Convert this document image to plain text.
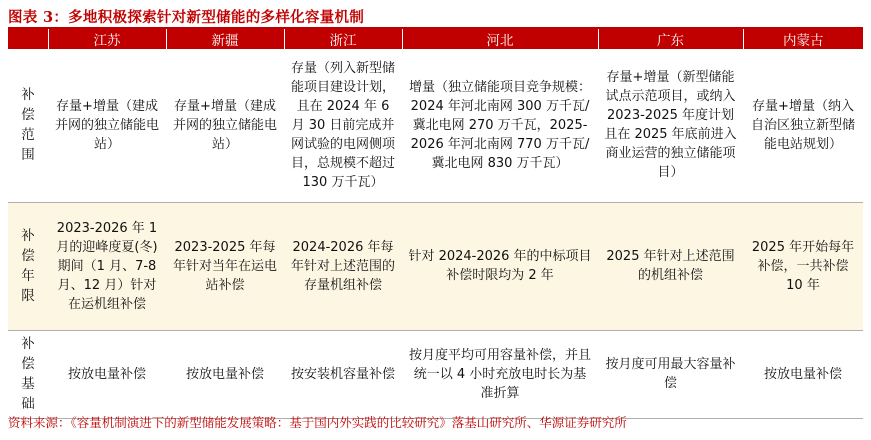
图表 3：多地积极探索针对新型储能的多样化容量机制
	江苏	新疆	浙江	河北	广东	内蒙古

补
偿
范
围	存量+增量（建成并网的独立储能电站）	存量+增量（建成并网的独立储能电站）	存量（列入新型储能项目建设计划，且在 2024 年 6 月 30 日前完成并网试验的电网侧项目，总规模不超过 130 万千瓦）	增量（独立储能项目竞争规模：2024 年河北南网 300 万千瓦/冀北电网 270 万千瓦，2025-2026 年河北南网 770 万千瓦/冀北电网 830 万千瓦）	存量+增量（新型储能试点示范项目，或纳入 2023-2025 年度计划且在 2025 年底前进入商业运营的独立储能项目）	存量+增量（纳入自治区独立新型储能电站规划）

补
偿
年
限	2023-2026 年 1 月的迎峰度夏(冬)期间（1 月、7-8 月、12 月）针对在运机组补偿	2023-2025 年每年针对当年在运电站补偿	2024-2026 年每年针对上述范围的存量机组补偿	针对 2024-2026 年的中标项目补偿时限均为 2 年	2025 年针对上述范围的机组补偿	2025 年开始每年补偿，一共补偿 10 年

补
偿
基
础	按放电量补偿	按放电量补偿	按安装机容量补偿	按月度平均可用容量补偿，并且统一以 4 小时充放电时长为基准折算	按月度可用最大容量补偿	按放电量补偿
资料来源：《容量机制演进下的新型储能发展策略：基于国内外实践的比较研究》落基山研究所、华源证券研究所
